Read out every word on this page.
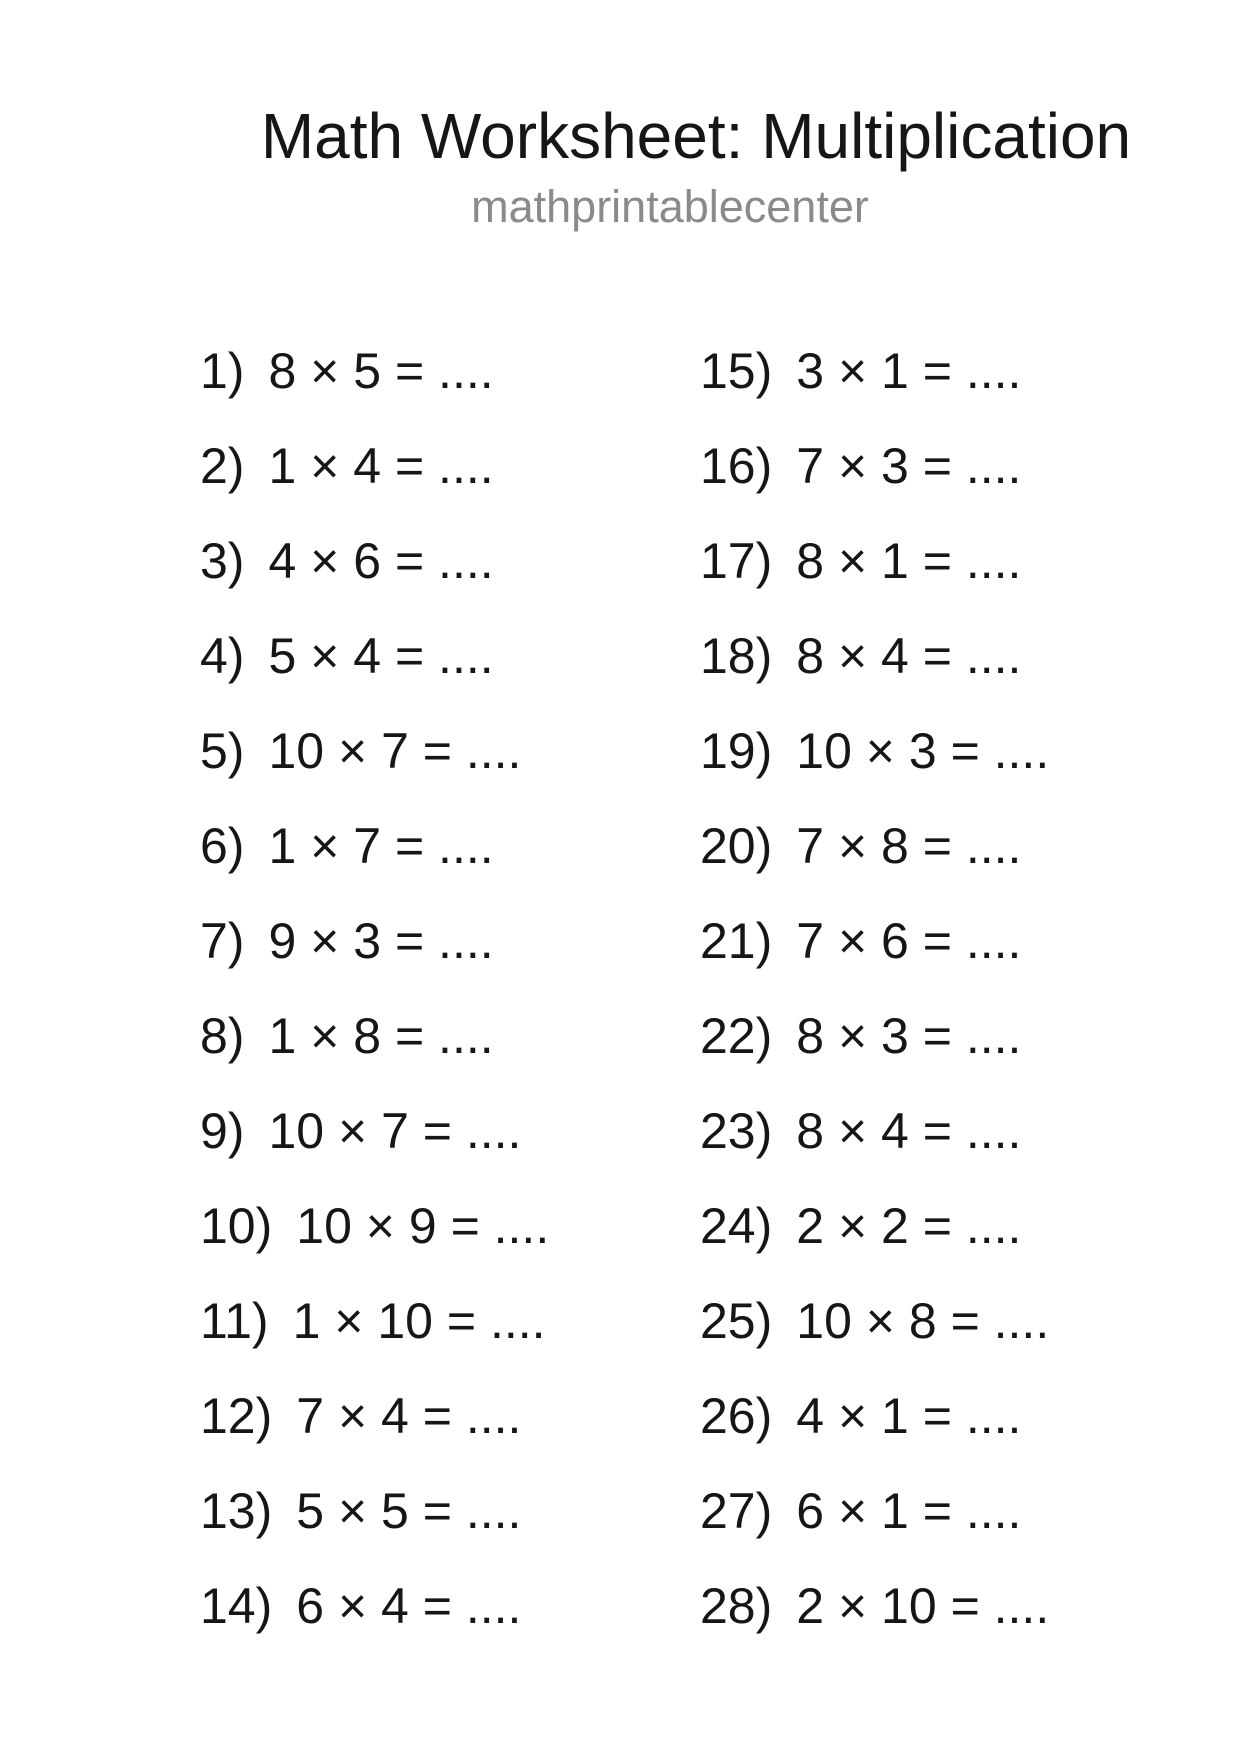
Math Worksheet: Multiplication
mathprintablecenter
1) 8 × 5 = ....
2) 1 × 4 = ....
3) 4 × 6 = ....
4) 5 × 4 = ....
5) 10 × 7 = ....
6) 1 × 7 = ....
7) 9 × 3 = ....
8) 1 × 8 = ....
9) 10 × 7 = ....
10) 10 × 9 = ....
11) 1 × 10 = ....
12) 7 × 4 = ....
13) 5 × 5 = ....
14) 6 × 4 = ....
15) 3 × 1 = ....
16) 7 × 3 = ....
17) 8 × 1 = ....
18) 8 × 4 = ....
19) 10 × 3 = ....
20) 7 × 8 = ....
21) 7 × 6 = ....
22) 8 × 3 = ....
23) 8 × 4 = ....
24) 2 × 2 = ....
25) 10 × 8 = ....
26) 4 × 1 = ....
27) 6 × 1 = ....
28) 2 × 10 = ....
